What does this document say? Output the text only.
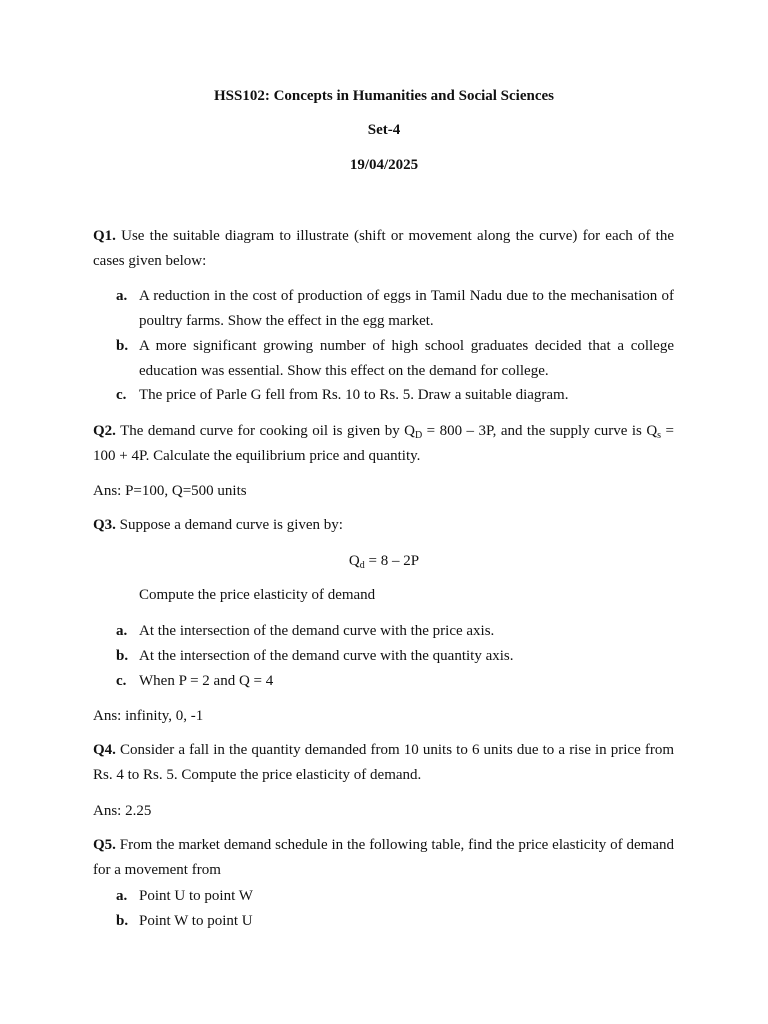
HSS102: Concepts in Humanities and Social Sciences
Set-4
19/04/2025
Q1. Use the suitable diagram to illustrate (shift or movement along the curve) for each of the cases given below:
a. A reduction in the cost of production of eggs in Tamil Nadu due to the mechanisation of poultry farms. Show the effect in the egg market.
b. A more significant growing number of high school graduates decided that a college education was essential. Show this effect on the demand for college.
c. The price of Parle G fell from Rs. 10 to Rs. 5. Draw a suitable diagram.
Q2. The demand curve for cooking oil is given by $Q_D = 800 - 3P$, and the supply curve is $Q_s = 100 + 4P$. Calculate the equilibrium price and quantity.
Ans: P=100, Q=500 units
Q3. Suppose a demand curve is given by:
$Q_d = 8 - 2P$
Compute the price elasticity of demand
a. At the intersection of the demand curve with the price axis.
b. At the intersection of the demand curve with the quantity axis.
c. When P = 2 and Q = 4
Ans: infinity, 0, -1
Q4. Consider a fall in the quantity demanded from 10 units to 6 units due to a rise in price from Rs. 4 to Rs. 5. Compute the price elasticity of demand.
Ans: 2.25
Q5. From the market demand schedule in the following table, find the price elasticity of demand for a movement from
a. Point U to point W
b. Point W to point U
